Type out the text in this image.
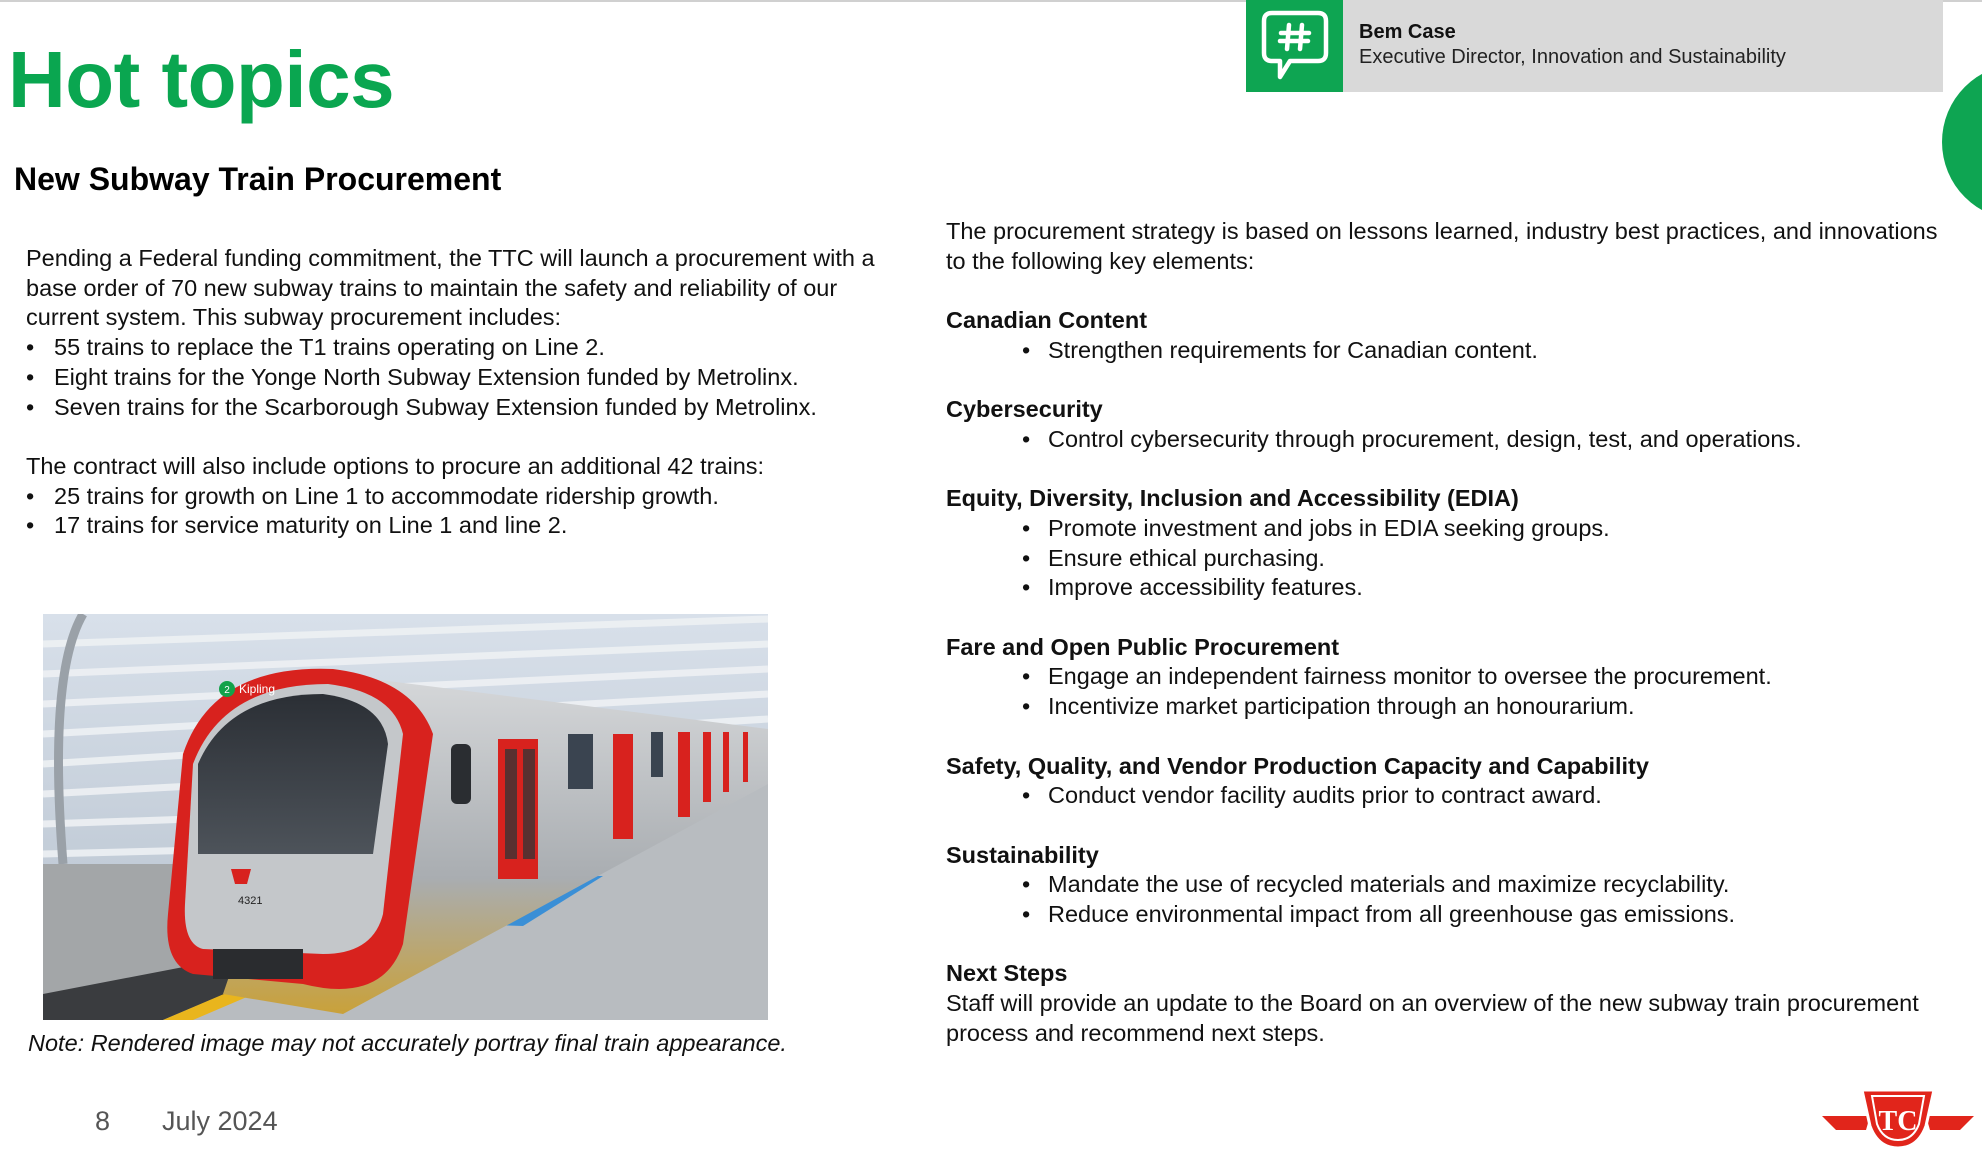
Hot topics
New Subway Train Procurement
Bem Case
Executive Director, Innovation and Sustainability

Pending a Federal funding commitment, the TTC will launch a procurement with a base order of 70 new subway trains to maintain the safety and reliability of our current system. This subway procurement includes:

• 55 trains to replace the T1 trains operating on Line 2.
• Eight trains for the Yonge North Subway Extension funded by Metrolinx.
• Seven trains for the Scarborough Subway Extension funded by Metrolinx.

The contract will also include options to procure an additional 42 trains:

• 25 trains for growth on Line 1 to accommodate ridership growth.
• 17 trains for service maturity on Line 1 and line 2.
2 Kipling
4321
Note: Rendered image may not accurately portray final train appearance.

The procurement strategy is based on lessons learned, industry best practices, and innovations to the following key elements:

Canadian Content
• Strengthen requirements for Canadian content.
Cybersecurity
• Control cybersecurity through procurement, design, test, and operations.
Equity, Diversity, Inclusion and Accessibility (EDIA)
• Promote investment and jobs in EDIA seeking groups.
• Ensure ethical purchasing.
• Improve accessibility features.
Fare and Open Public Procurement
• Engage an independent fairness monitor to oversee the procurement.
• Incentivize market participation through an honourarium.
Safety, Quality, and Vendor Production Capacity and Capability
• Conduct vendor facility audits prior to contract award.
Sustainability
• Mandate the use of recycled materials and maximize recyclability.
• Reduce environmental impact from all greenhouse gas emissions.
Next Steps

Staff will provide an update to the Board on an overview of the new subway train procurement process and recommend next steps.

8 July 2024	TC
